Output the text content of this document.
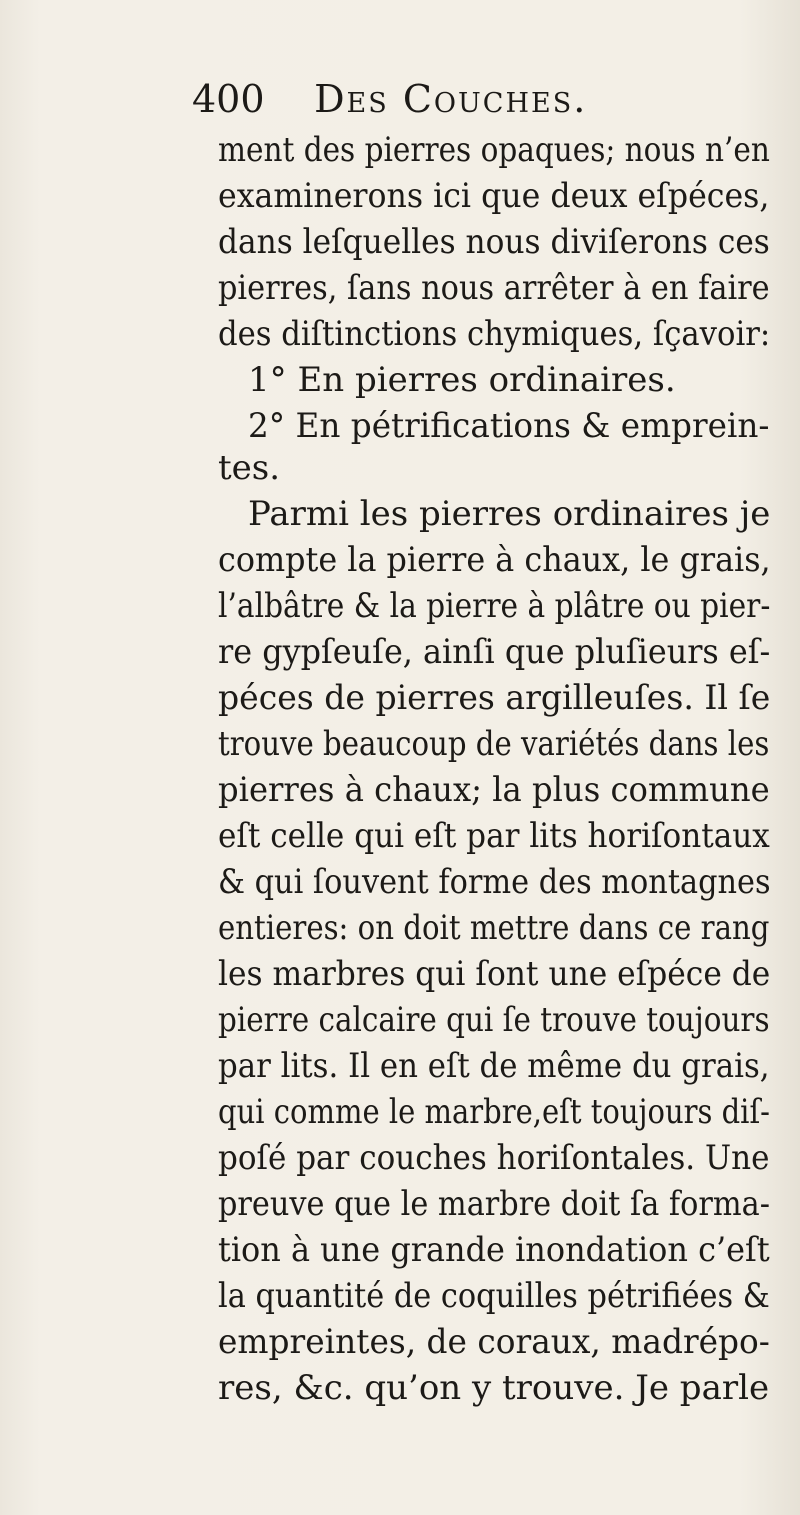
400 Des Couches.
ment des pierres opaques; nous n’en
examinerons ici que deux eſpéces,
dans leſquelles nous diviſerons ces
pierres, ſans nous arrêter à en faire
des diſtinctions chymiques, ſçavoir:
1° En pierres ordinaires.
2° En pétrifications & emprein-
tes.
Parmi les pierres ordinaires je
compte la pierre à chaux, le grais,
l’albâtre & la pierre à plâtre ou pier-
re gypſeuſe, ainſi que pluſieurs eſ-
péces de pierres argilleuſes. Il ſe
trouve beaucoup de variétés dans les
pierres à chaux; la plus commune
eſt celle qui eſt par lits horiſontaux
& qui ſouvent forme des montagnes
entieres: on doit mettre dans ce rang
les marbres qui ſont une eſpéce de
pierre calcaire qui ſe trouve toujours
par lits. Il en eſt de même du grais,
qui comme le marbre,eſt toujours diſ-
poſé par couches horiſontales. Une
preuve que le marbre doit ſa forma-
tion à une grande inondation c’eſt
la quantité de coquilles pétrifiées &
empreintes, de coraux, madrépo-
res, &c. qu’on y trouve. Je parle
